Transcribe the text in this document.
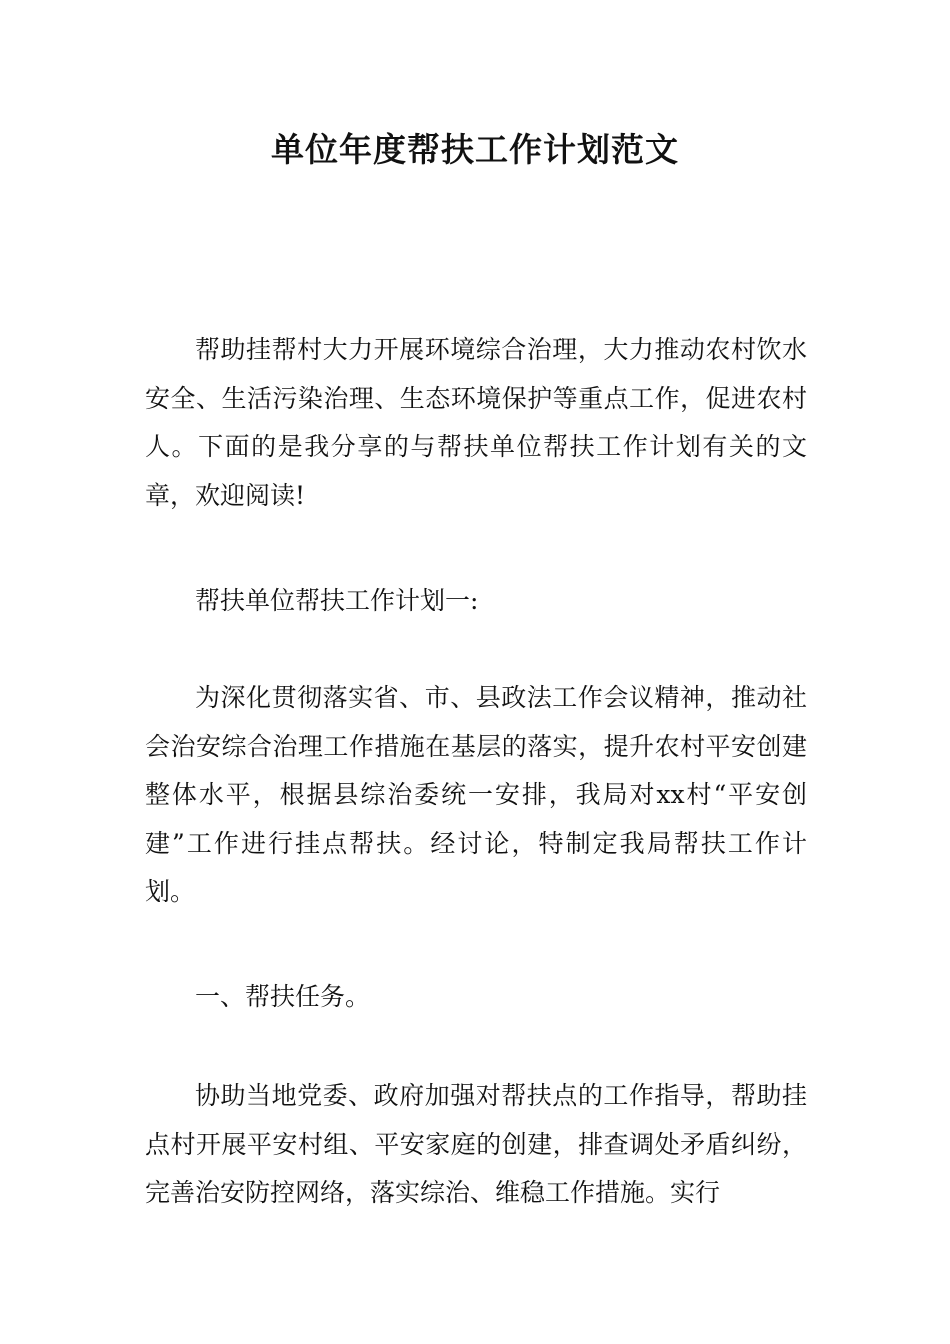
单位年度帮扶工作计划范文

帮助挂帮村大力开展环境综合治理，大力推动农村饮水安全、生活污染治理、生态环境保护等重点工作，促进农村人。下面的是我分享的与帮扶单位帮扶工作计划有关的文章，欢迎阅读!

帮扶单位帮扶工作计划一:

为深化贯彻落实省、市、县政法工作会议精神，推动社会治安综合治理工作措施在基层的落实，提升农村平安创建整体水平，根据县综治委统一安排，我局对xx村“平安创建”工作进行挂点帮扶。经讨论，特制定我局帮扶工作计划。

一、帮扶任务。

协助当地党委、政府加强对帮扶点的工作指导，帮助挂点村开展平安村组、平安家庭的创建，排查调处矛盾纠纷，完善治安防控网络，落实综治、维稳工作措施。实行
